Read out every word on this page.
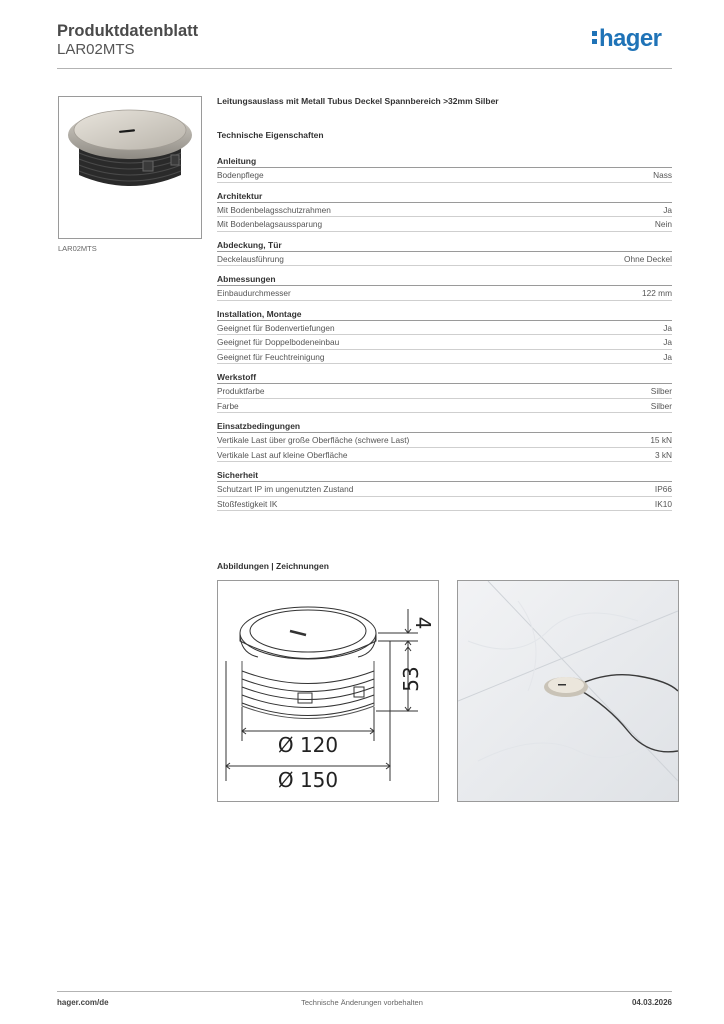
Produktdatenblatt
LAR02MTS	hager
LAR02MTS
Leitungsauslass mit Metall Tubus Deckel Spannbereich >32mm Silber
Technische Eigenschaften
Anleitung
Bodenpflege	Nass
Architektur
Mit Bodenbelagsschutzrahmen	Ja
Mit Bodenbelagsaussparung	Nein
Abdeckung, Tür
Deckelausführung	Ohne Deckel
Abmessungen
Einbaudurchmesser	122 mm
Installation, Montage
Geeignet für Bodenvertiefungen	Ja
Geeignet für Doppelbodeneinbau	Ja
Geeignet für Feuchtreinigung	Ja
Werkstoff
Produktfarbe	Silber
Farbe	Silber
Einsatzbedingungen
Vertikale Last über große Oberfläche (schwere Last)	15 kN
Vertikale Last auf kleine Oberfläche	3 kN
Sicherheit
Schutzart IP im ungenutzten Zustand	IP66
Stoßfestigkeit IK	IK10
Abbildungen | Zeichnungen
4
53
Ø 120
Ø 150
hager.com/de	Technische Änderungen vorbehalten	04.03.2026
